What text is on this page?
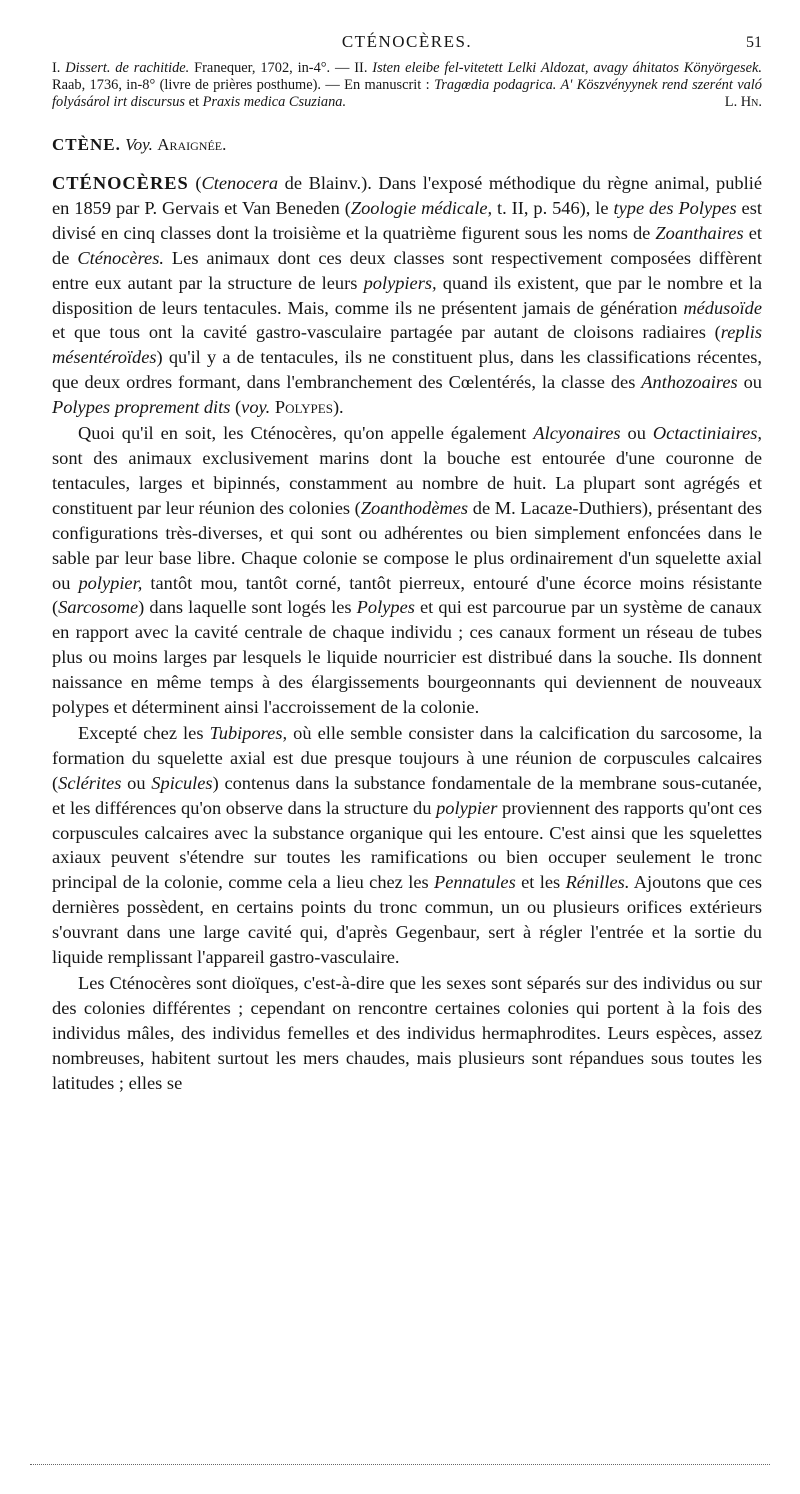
CTÉNOCÈRES.	51
I. Dissert. de rachitide. Franequer, 1702, in-4°. — II. Isten eleibe fel-vitetett Lelki Aldozat, avagy áhitatos Könyörgesek. Raab, 1736, in-8° (livre de prières posthume). — En manuscrit : Tragœdia podagrica. A' Köszvényynek rend szerént való folyásárol irt discursus et Praxis medica Csuziana.	L. Hn.
CTÈNE. Voy. Araignée.

CTÉNOCÈRES (Ctenocera de Blainv.). Dans l'exposé méthodique du règne animal, publié en 1859 par P. Gervais et Van Beneden (Zoologie médicale, t. II, p. 546), le type des Polypes est divisé en cinq classes dont la troisième et la quatrième figurent sous les noms de Zoanthaires et de Cténocères. Les animaux dont ces deux classes sont respectivement composées diffèrent entre eux autant par la structure de leurs polypiers, quand ils existent, que par le nombre et la disposition de leurs tentacules. Mais, comme ils ne présentent jamais de génération médusoïde et que tous ont la cavité gastro-vasculaire partagée par autant de cloisons radiaires (replis mésentéroïdes) qu'il y a de tentacules, ils ne constituent plus, dans les classifications récentes, que deux ordres formant, dans l'embranchement des Cœlentérés, la classe des Anthozoaires ou Polypes proprement dits (voy. Polypes).

Quoi qu'il en soit, les Cténocères, qu'on appelle également Alcyonaires ou Octactiniaires, sont des animaux exclusivement marins dont la bouche est entourée d'une couronne de tentacules, larges et bipinnés, constamment au nombre de huit. La plupart sont agrégés et constituent par leur réunion des colonies (Zoanthodèmes de M. Lacaze-Duthiers), présentant des configurations très-diverses, et qui sont ou adhérentes ou bien simplement enfoncées dans le sable par leur base libre. Chaque colonie se compose le plus ordinairement d'un squelette axial ou polypier, tantôt mou, tantôt corné, tantôt pierreux, entouré d'une écorce moins résistante (Sarcosome) dans laquelle sont logés les Polypes et qui est parcourue par un système de canaux en rapport avec la cavité centrale de chaque individu ; ces canaux forment un réseau de tubes plus ou moins larges par lesquels le liquide nourricier est distribué dans la souche. Ils donnent naissance en même temps à des élargissements bourgeonnants qui deviennent de nouveaux polypes et déterminent ainsi l'accroissement de la colonie.

Excepté chez les Tubipores, où elle semble consister dans la calcification du sarcosome, la formation du squelette axial est due presque toujours à une réunion de corpuscules calcaires (Sclérites ou Spicules) contenus dans la substance fondamentale de la membrane sous-cutanée, et les différences qu'on observe dans la structure du polypier proviennent des rapports qu'ont ces corpuscules calcaires avec la substance organique qui les entoure. C'est ainsi que les squelettes axiaux peuvent s'étendre sur toutes les ramifications ou bien occuper seulement le tronc principal de la colonie, comme cela a lieu chez les Pennatules et les Rénilles. Ajoutons que ces dernières possèdent, en certains points du tronc commun, un ou plusieurs orifices extérieurs s'ouvrant dans une large cavité qui, d'après Gegenbaur, sert à régler l'entrée et la sortie du liquide remplissant l'appareil gastro-vasculaire.

Les Cténocères sont dioïques, c'est-à-dire que les sexes sont séparés sur des individus ou sur des colonies différentes ; cependant on rencontre certaines colonies qui portent à la fois des individus mâles, des individus femelles et des individus hermaphrodites. Leurs espèces, assez nombreuses, habitent surtout les mers chaudes, mais plusieurs sont répandues sous toutes les latitudes ; elles se
